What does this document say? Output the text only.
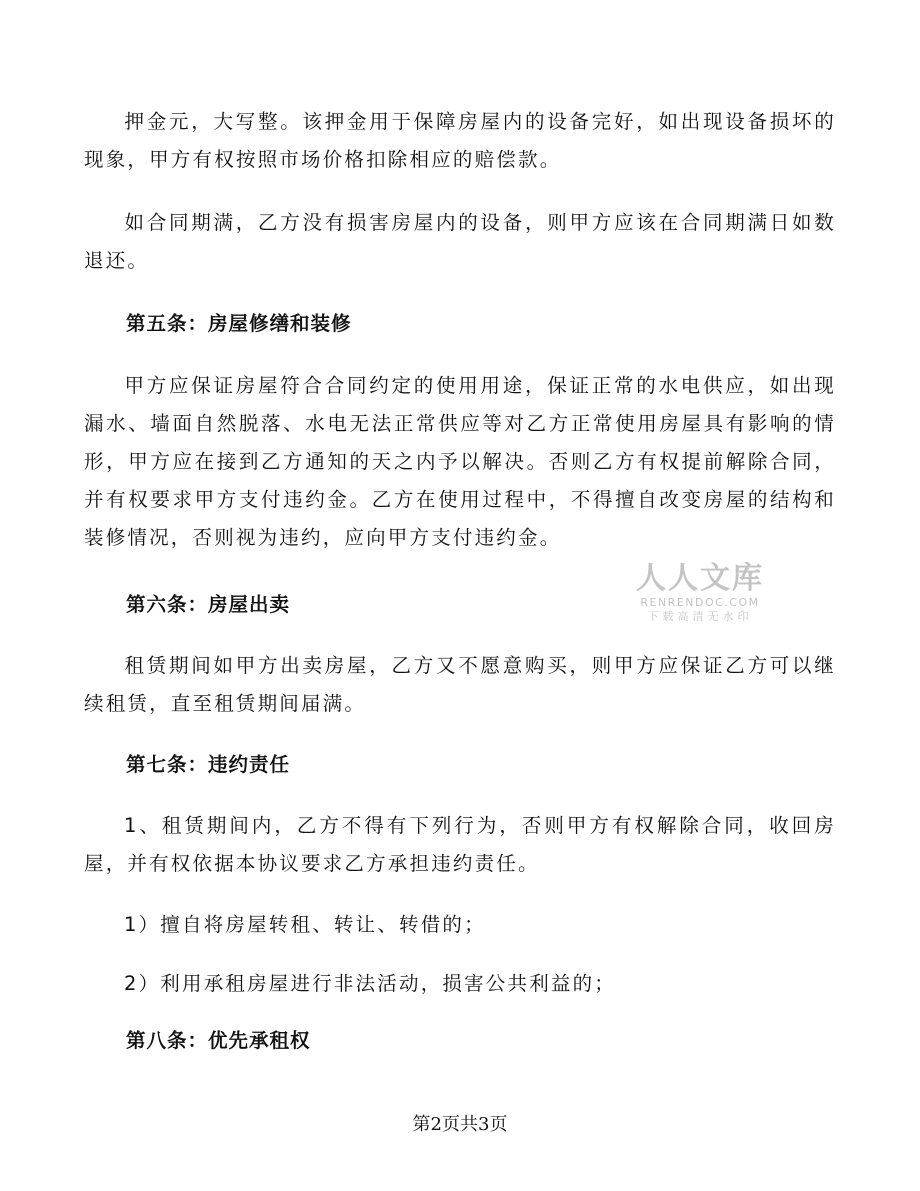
押金元，大写整。该押金用于保障房屋内的设备完好，如出现设备损坏的现象，甲方有权按照市场价格扣除相应的赔偿款。

如合同期满，乙方没有损害房屋内的设备，则甲方应该在合同期满日如数退还。

第五条：房屋修缮和装修

甲方应保证房屋符合合同约定的使用用途，保证正常的水电供应，如出现漏水、墙面自然脱落、水电无法正常供应等对乙方正常使用房屋具有影响的情形，甲方应在接到乙方通知的天之内予以解决。否则乙方有权提前解除合同，并有权要求甲方支付违约金。乙方在使用过程中，不得擅自改变房屋的结构和装修情况，否则视为违约，应向甲方支付违约金。

第六条：房屋出卖

租赁期间如甲方出卖房屋，乙方又不愿意购买，则甲方应保证乙方可以继续租赁，直至租赁期间届满。

第七条：违约责任

1、租赁期间内，乙方不得有下列行为，否则甲方有权解除合同，收回房屋，并有权依据本协议要求乙方承担违约责任。

1）擅自将房屋转租、转让、转借的；

2）利用承租房屋进行非法活动，损害公共利益的；

第八条：优先承租权

人人文库
RENRENDOC.COM
下载高清无水印
第2页共3页
